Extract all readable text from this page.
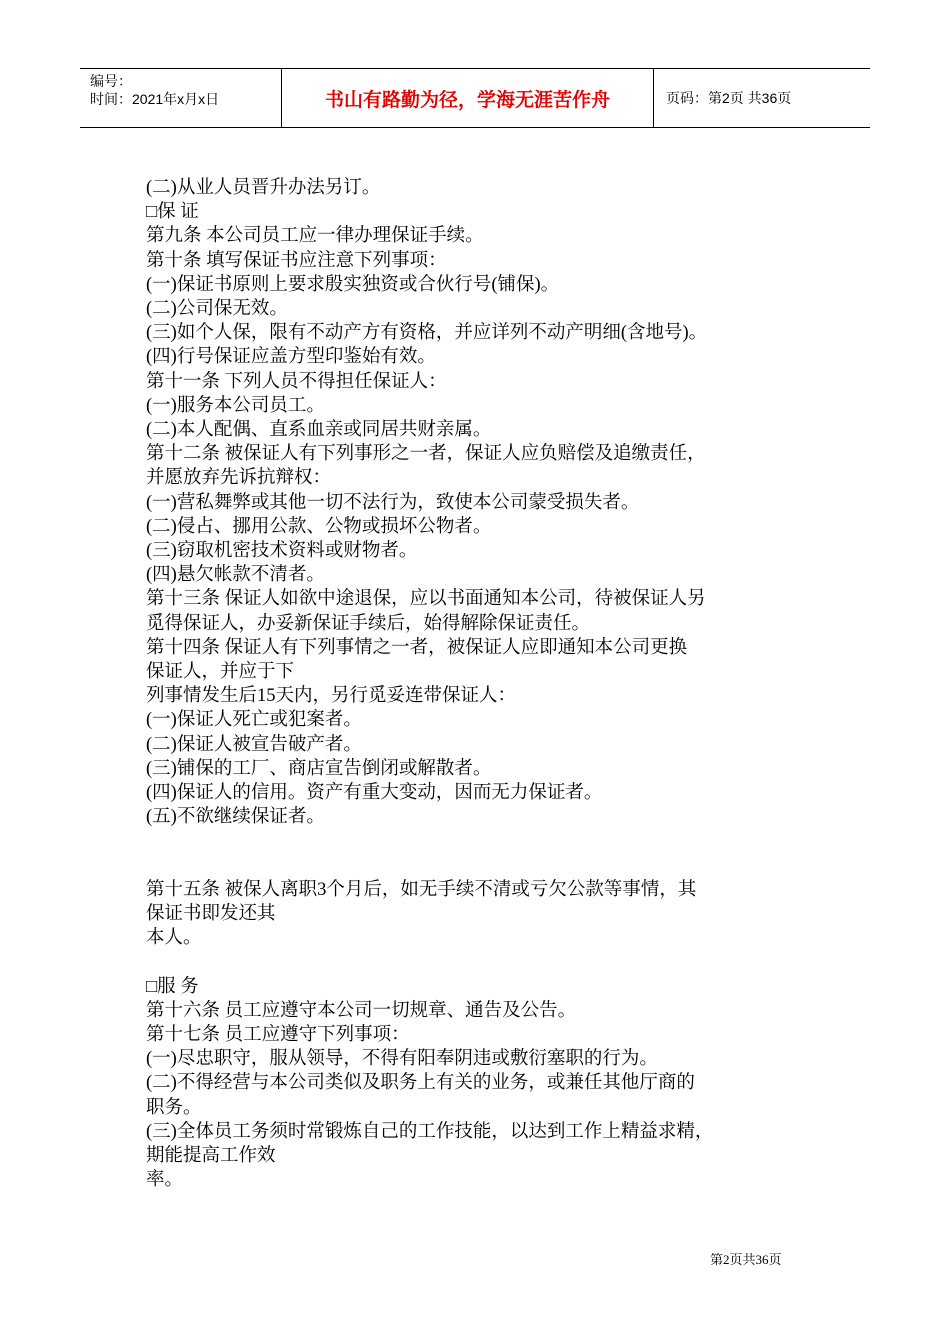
编号：
时间：2021年x月x日	书山有路勤为径，学海无涯苦作舟	页码：第2页 共36页
(二)从业人员晋升办法另订。
□保 证
第九条 本公司员工应一律办理保证手续。
第十条 填写保证书应注意下列事项：
(一)保证书原则上要求殷实独资或合伙行号(铺保)。
(二)公司保无效。
(三)如个人保，限有不动产方有资格，并应详列不动产明细(含地号)。
(四)行号保证应盖方型印鉴始有效。
第十一条 下列人员不得担任保证人：
(一)服务本公司员工。
(二)本人配偶、直系血亲或同居共财亲属。
第十二条 被保证人有下列事形之一者，保证人应负赔偿及追缴责任，
并愿放弃先诉抗辩权：
(一)营私舞弊或其他一切不法行为，致使本公司蒙受损失者。
(二)侵占、挪用公款、公物或损坏公物者。
(三)窃取机密技术资料或财物者。
(四)悬欠帐款不清者。
第十三条 保证人如欲中途退保，应以书面通知本公司，待被保证人另
觅得保证人，办妥新保证手续后，始得解除保证责任。
第十四条 保证人有下列事情之一者，被保证人应即通知本公司更换
保证人，并应于下
列事情发生后15天内，另行觅妥连带保证人：
(一)保证人死亡或犯案者。
(二)保证人被宣告破产者。
(三)铺保的工厂、商店宣告倒闭或解散者。
(四)保证人的信用。资产有重大变动，因而无力保证者。
(五)不欲继续保证者。
第十五条 被保人离职3个月后，如无手续不清或亏欠公款等事情，其
保证书即发还其
本人。
□服 务
第十六条 员工应遵守本公司一切规章、通告及公告。
第十七条 员工应遵守下列事项：
(一)尽忠职守，服从领导，不得有阳奉阴违或敷衍塞职的行为。
(二)不得经营与本公司类似及职务上有关的业务，或兼任其他厅商的
职务。
(三)全体员工务须时常锻炼自己的工作技能，以达到工作上精益求精，
期能提高工作效
率。
第2页共36页
